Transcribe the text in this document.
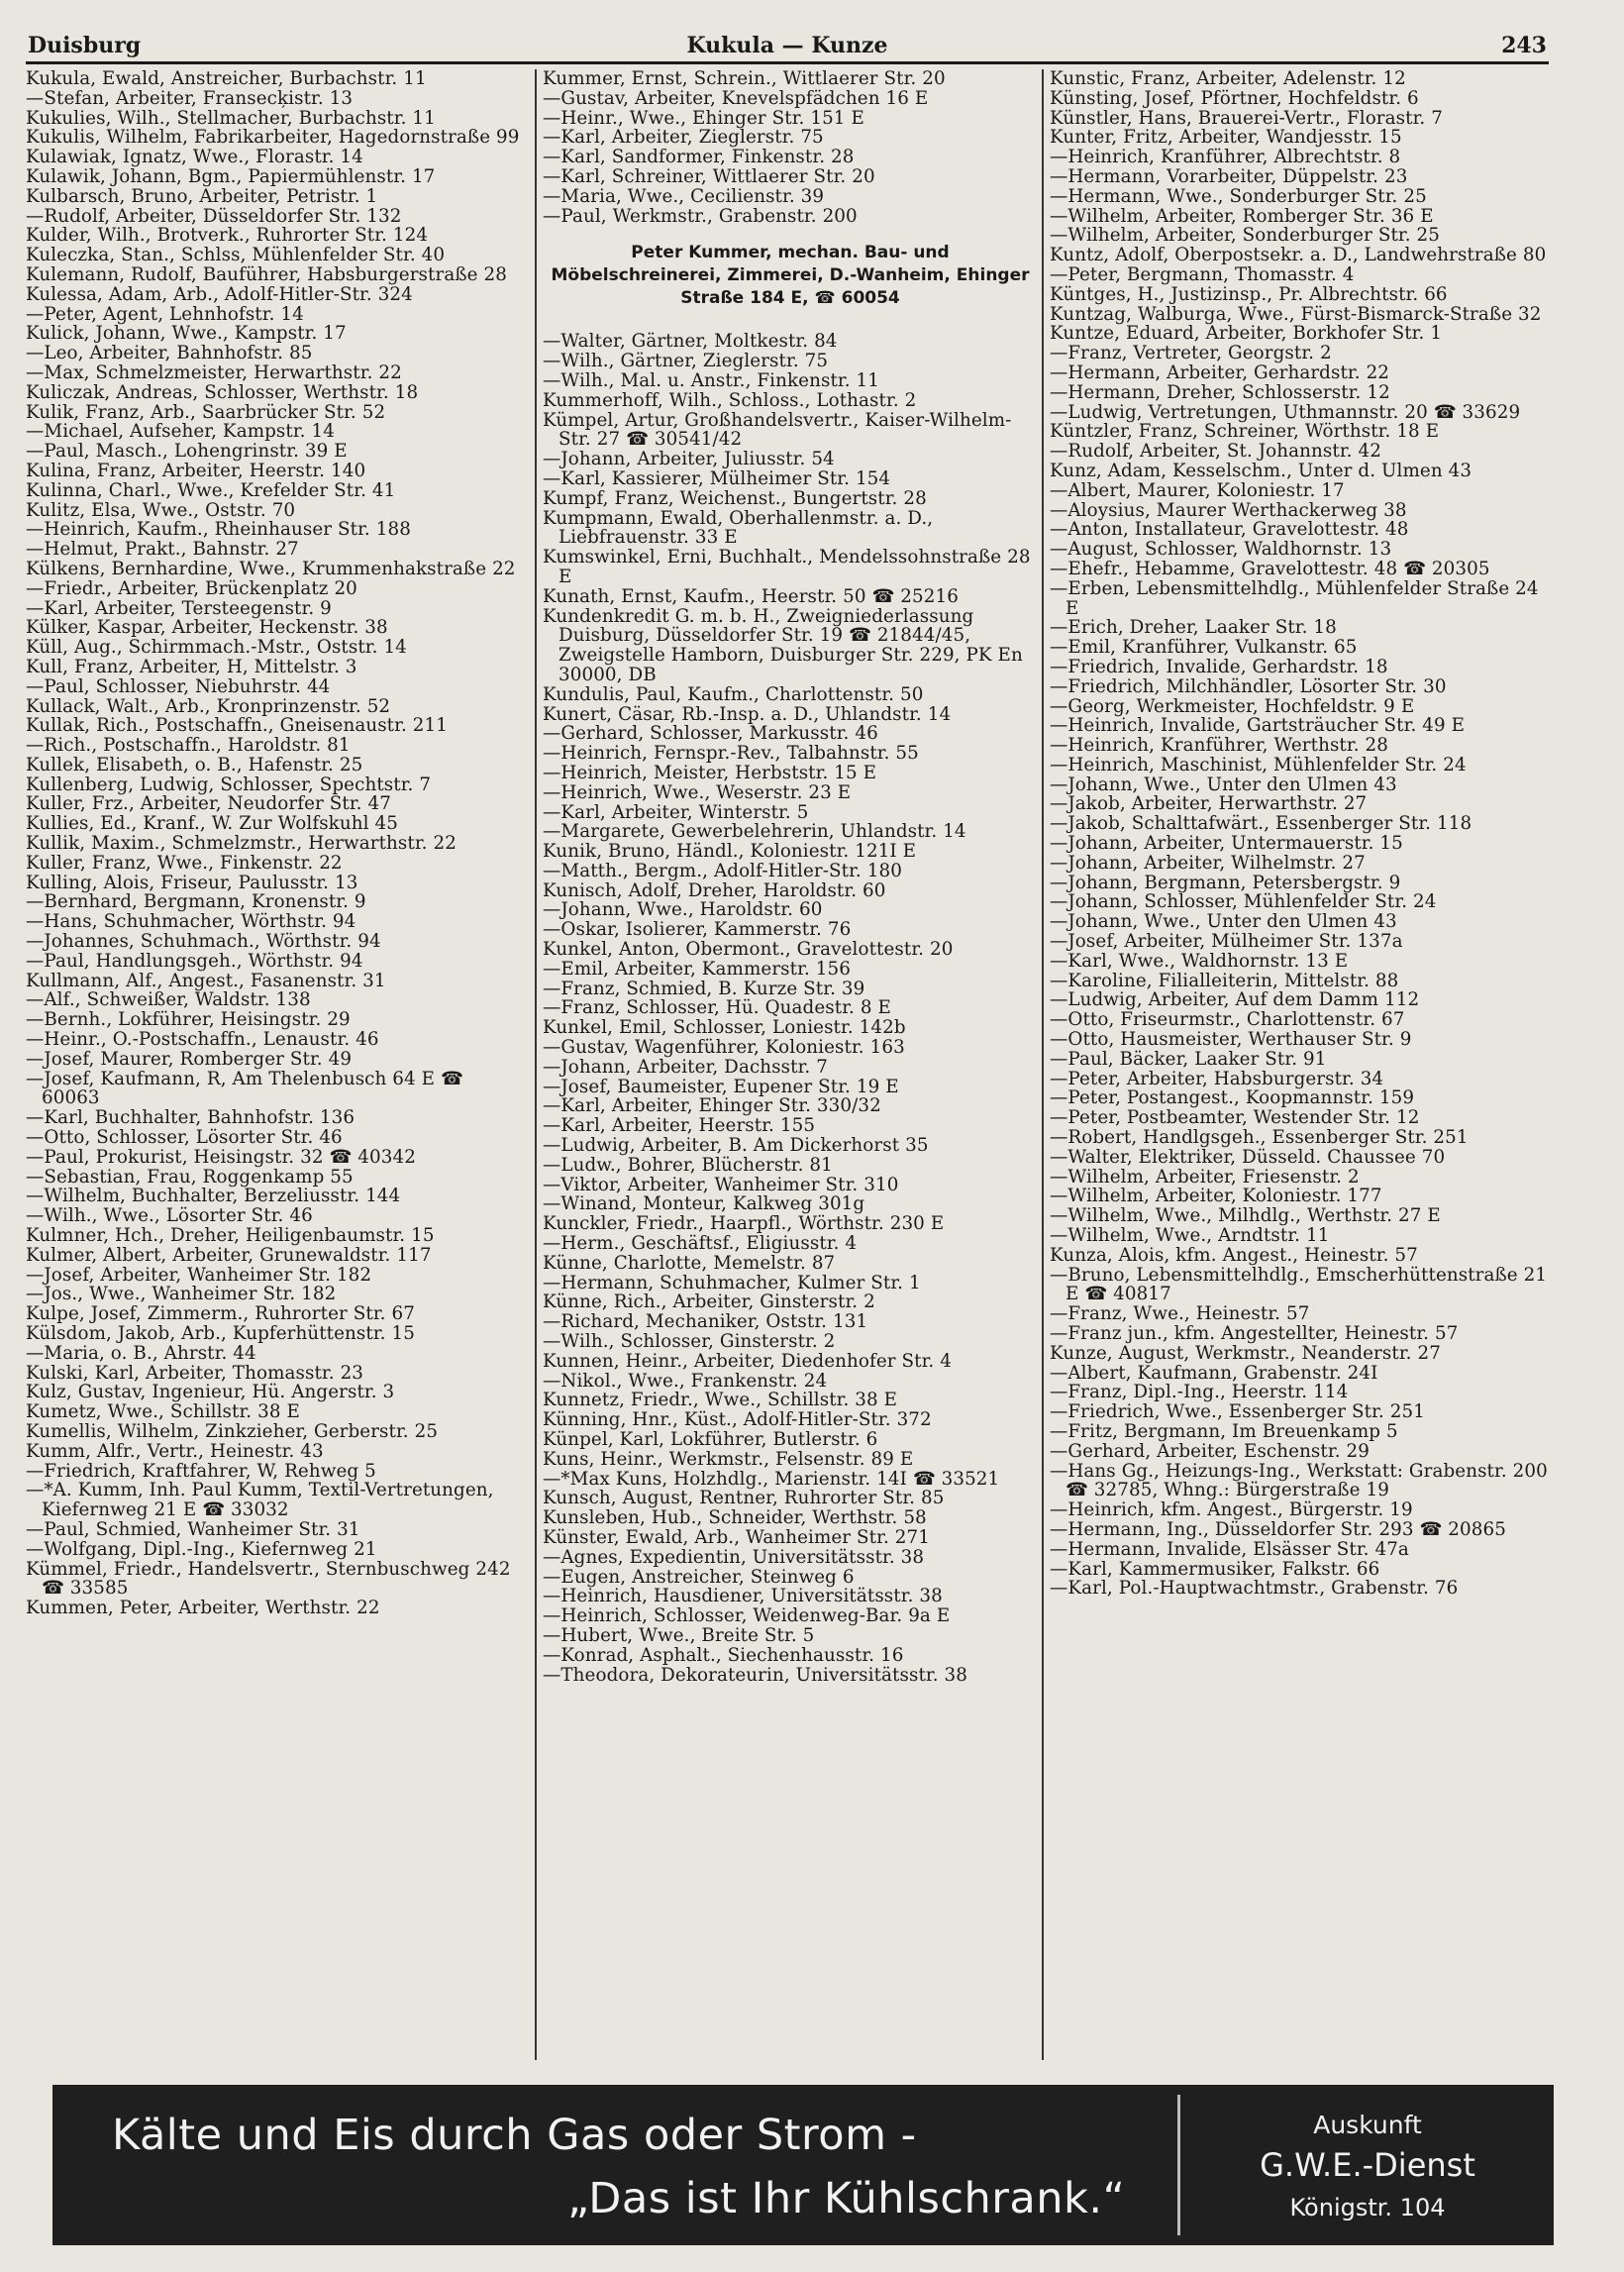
Duisburg	Kukula — Kunze	243
Kukula, Ewald, Anstreicher, Burbachstr. 11
—Stefan, Arbeiter, Fransecķistr. 13
Kukulies, Wilh., Stellmacher, Burbachstr. 11
Kukulis, Wilhelm, Fabrikarbeiter, Hagedornstraße 99
Kulawiak, Ignatz, Wwe., Florastr. 14
Kulawik, Johann, Bgm., Papiermühlenstr. 17
Kulbarsch, Bruno, Arbeiter, Petristr. 1
—Rudolf, Arbeiter, Düsseldorfer Str. 132
Kulder, Wilh., Brotverk., Ruhrorter Str. 124
Kuleczka, Stan., Schlss, Mühlenfelder Str. 40
Kulemann, Rudolf, Bauführer, Habsburgerstraße 28
Kulessa, Adam, Arb., Adolf-Hitler-Str. 324
—Peter, Agent, Lehnhofstr. 14
Kulick, Johann, Wwe., Kampstr. 17
—Leo, Arbeiter, Bahnhofstr. 85
—Max, Schmelzmeister, Herwarthstr. 22
Kuliczak, Andreas, Schlosser, Werthstr. 18
Kulik, Franz, Arb., Saarbrücker Str. 52
—Michael, Aufseher, Kampstr. 14
—Paul, Masch., Lohengrinstr. 39 E
Kulina, Franz, Arbeiter, Heerstr. 140
Kulinna, Charl., Wwe., Krefelder Str. 41
Kulitz, Elsa, Wwe., Oststr. 70
—Heinrich, Kaufm., Rheinhauser Str. 188
—Helmut, Prakt., Bahnstr. 27
Külkens, Bernhardine, Wwe., Krummenhakstraße 22
—Friedr., Arbeiter, Brückenplatz 20
—Karl, Arbeiter, Tersteegenstr. 9
Külker, Kaspar, Arbeiter, Heckenstr. 38
Küll, Aug., Schirmmach.-Mstr., Oststr. 14
Kull, Franz, Arbeiter, H, Mittelstr. 3
—Paul, Schlosser, Niebuhrstr. 44
Kullack, Walt., Arb., Kronprinzenstr. 52
Kullak, Rich., Postschaffn., Gneisenaustr. 211
—Rich., Postschaffn., Haroldstr. 81
Kullek, Elisabeth, o. B., Hafenstr. 25
Kullenberg, Ludwig, Schlosser, Spechtstr. 7
Kuller, Frz., Arbeiter, Neudorfer Str. 47
Kullies, Ed., Kranf., W. Zur Wolfskuhl 45
Kullik, Maxim., Schmelzmstr., Herwarthstr. 22
Kuller, Franz, Wwe., Finkenstr. 22
Kulling, Alois, Friseur, Paulusstr. 13
—Bernhard, Bergmann, Kronenstr. 9
—Hans, Schuhmacher, Wörthstr. 94
—Johannes, Schuhmach., Wörthstr. 94
—Paul, Handlungsgeh., Wörthstr. 94
Kullmann, Alf., Angest., Fasanenstr. 31
—Alf., Schweißer, Waldstr. 138
—Bernh., Lokführer, Heisingstr. 29
—Heinr., O.-Postschaffn., Lenaustr. 46
—Josef, Maurer, Romberger Str. 49
—Josef, Kaufmann, R, Am Thelenbusch 64 E ☎ 60063
—Karl, Buchhalter, Bahnhofstr. 136
—Otto, Schlosser, Lösorter Str. 46
—Paul, Prokurist, Heisingstr. 32 ☎ 40342
—Sebastian, Frau, Roggenkamp 55
—Wilhelm, Buchhalter, Berzeliusstr. 144
—Wilh., Wwe., Lösorter Str. 46
Kulmner, Hch., Dreher, Heiligenbaumstr. 15
Kulmer, Albert, Arbeiter, Grunewaldstr. 117
—Josef, Arbeiter, Wanheimer Str. 182
—Jos., Wwe., Wanheimer Str. 182
Kulpe, Josef, Zimmerm., Ruhrorter Str. 67
Külsdom, Jakob, Arb., Kupferhüttenstr. 15
—Maria, o. B., Ahrstr. 44
Kulski, Karl, Arbeiter, Thomasstr. 23
Kulz, Gustav, Ingenieur, Hü. Angerstr. 3
Kumetz, Wwe., Schillstr. 38 E
Kumellis, Wilhelm, Zinkzieher, Gerberstr. 25
Kumm, Alfr., Vertr., Heinestr. 43
—Friedrich, Kraftfahrer, W, Rehweg 5
—*A. Kumm, Inh. Paul Kumm, Textil-Vertretungen, Kiefernweg 21 E ☎ 33032
—Paul, Schmied, Wanheimer Str. 31
—Wolfgang, Dipl.-Ing., Kiefernweg 21
Kümmel, Friedr., Handelsvertr., Sternbuschweg 242 ☎ 33585
Kummen, Peter, Arbeiter, Werthstr. 22
Kummer, Ernst, Schrein., Wittlaerer Str. 20
—Gustav, Arbeiter, Knevelspfädchen 16 E
—Heinr., Wwe., Ehinger Str. 151 E
—Karl, Arbeiter, Zieglerstr. 75
—Karl, Sandformer, Finkenstr. 28
—Karl, Schreiner, Wittlaerer Str. 20
—Maria, Wwe., Cecilienstr. 39
—Paul, Werkmstr., Grabenstr. 200
Peter Kummer, mechan. Bau- und Möbelschreinerei, Zimmerei, D.-Wanheim, Ehinger Straße 184 E, ☎ 60054
—Walter, Gärtner, Moltkestr. 84
—Wilh., Gärtner, Zieglerstr. 75
—Wilh., Mal. u. Anstr., Finkenstr. 11
Kummerhoff, Wilh., Schloss., Lothastr. 2
Kümpel, Artur, Großhandelsvertr., Kaiser-Wilhelm-Str. 27 ☎ 30541/42
—Johann, Arbeiter, Juliusstr. 54
—Karl, Kassierer, Mülheimer Str. 154
Kumpf, Franz, Weichenst., Bungertstr. 28
Kumpmann, Ewald, Oberhallenmstr. a. D., Liebfrauenstr. 33 E
Kumswinkel, Erni, Buchhalt., Mendelssohnstraße 28 E
Kunath, Ernst, Kaufm., Heerstr. 50 ☎ 25216
Kundenkredit G. m. b. H., Zweigniederlassung Duisburg, Düsseldorfer Str. 19 ☎ 21844/45, Zweigstelle Hamborn, Duisburger Str. 229, PK En 30000, DB
Kundulis, Paul, Kaufm., Charlottenstr. 50
Kunert, Cäsar, Rb.-Insp. a. D., Uhlandstr. 14
—Gerhard, Schlosser, Markusstr. 46
—Heinrich, Fernspr.-Rev., Talbahnstr. 55
—Heinrich, Meister, Herbststr. 15 E
—Heinrich, Wwe., Weserstr. 23 E
—Karl, Arbeiter, Winterstr. 5
—Margarete, Gewerbelehrerin, Uhlandstr. 14
Kunik, Bruno, Händl., Koloniestr. 121I E
—Matth., Bergm., Adolf-Hitler-Str. 180
Kunisch, Adolf, Dreher, Haroldstr. 60
—Johann, Wwe., Haroldstr. 60
—Oskar, Isolierer, Kammerstr. 76
Kunkel, Anton, Obermont., Gravelottestr. 20
—Emil, Arbeiter, Kammerstr. 156
—Franz, Schmied, B. Kurze Str. 39
—Franz, Schlosser, Hü. Quadestr. 8 E
Kunkel, Emil, Schlosser, Loniestr. 142b
—Gustav, Wagenführer, Koloniestr. 163
—Johann, Arbeiter, Dachsstr. 7
—Josef, Baumeister, Eupener Str. 19 E
—Karl, Arbeiter, Ehinger Str. 330/32
—Karl, Arbeiter, Heerstr. 155
—Ludwig, Arbeiter, B. Am Dickerhorst 35
—Ludw., Bohrer, Blücherstr. 81
—Viktor, Arbeiter, Wanheimer Str. 310
—Winand, Monteur, Kalkweg 301g
Kunckler, Friedr., Haarpfl., Wörthstr. 230 E
—Herm., Geschäftsf., Eligiusstr. 4
Künne, Charlotte, Memelstr. 87
—Hermann, Schuhmacher, Kulmer Str. 1
Künne, Rich., Arbeiter, Ginsterstr. 2
—Richard, Mechaniker, Oststr. 131
—Wilh., Schlosser, Ginsterstr. 2
Kunnen, Heinr., Arbeiter, Diedenhofer Str. 4
—Nikol., Wwe., Frankenstr. 24
Kunnetz, Friedr., Wwe., Schillstr. 38 E
Künning, Hnr., Küst., Adolf-Hitler-Str. 372
Künpel, Karl, Lokführer, Butlerstr. 6
Kuns, Heinr., Werkmstr., Felsenstr. 89 E
—*Max Kuns, Holzhdlg., Marienstr. 14I ☎ 33521
Kunsch, August, Rentner, Ruhrorter Str. 85
Kunsleben, Hub., Schneider, Werthstr. 58
Künster, Ewald, Arb., Wanheimer Str. 271
—Agnes, Expedientin, Universitätsstr. 38
—Eugen, Anstreicher, Steinweg 6
—Heinrich, Hausdiener, Universitätsstr. 38
—Heinrich, Schlosser, Weidenweg-Bar. 9a E
—Hubert, Wwe., Breite Str. 5
—Konrad, Asphalt., Siechenhausstr. 16
—Theodora, Dekorateurin, Universitätsstr. 38
Kunstic, Franz, Arbeiter, Adelenstr. 12
Künsting, Josef, Pförtner, Hochfeldstr. 6
Künstler, Hans, Brauerei-Vertr., Florastr. 7
Kunter, Fritz, Arbeiter, Wandjesstr. 15
—Heinrich, Kranführer, Albrechtstr. 8
—Hermann, Vorarbeiter, Düppelstr. 23
—Hermann, Wwe., Sonderburger Str. 25
—Wilhelm, Arbeiter, Romberger Str. 36 E
—Wilhelm, Arbeiter, Sonderburger Str. 25
Kuntz, Adolf, Oberpostsekr. a. D., Landwehrstraße 80
—Peter, Bergmann, Thomasstr. 4
Küntges, H., Justizinsp., Pr. Albrechtstr. 66
Kuntzag, Walburga, Wwe., Fürst-Bismarck-Straße 32
Kuntze, Eduard, Arbeiter, Borkhofer Str. 1
—Franz, Vertreter, Georgstr. 2
—Hermann, Arbeiter, Gerhardstr. 22
—Hermann, Dreher, Schlosserstr. 12
—Ludwig, Vertretungen, Uthmannstr. 20 ☎ 33629
Küntzler, Franz, Schreiner, Wörthstr. 18 E
—Rudolf, Arbeiter, St. Johannstr. 42
Kunz, Adam, Kesselschm., Unter d. Ulmen 43
—Albert, Maurer, Koloniestr. 17
—Aloysius, Maurer Werthackerweg 38
—Anton, Installateur, Gravelottestr. 48
—August, Schlosser, Waldhornstr. 13
—Ehefr., Hebamme, Gravelottestr. 48 ☎ 20305
—Erben, Lebensmittelhdlg., Mühlenfelder Straße 24 E
—Erich, Dreher, Laaker Str. 18
—Emil, Kranführer, Vulkanstr. 65
—Friedrich, Invalide, Gerhardstr. 18
—Friedrich, Milchhändler, Lösorter Str. 30
—Georg, Werkmeister, Hochfeldstr. 9 E
—Heinrich, Invalide, Gartsträucher Str. 49 E
—Heinrich, Kranführer, Werthstr. 28
—Heinrich, Maschinist, Mühlenfelder Str. 24
—Johann, Wwe., Unter den Ulmen 43
—Jakob, Arbeiter, Herwarthstr. 27
—Jakob, Schalttafwärt., Essenberger Str. 118
—Johann, Arbeiter, Untermauerstr. 15
—Johann, Arbeiter, Wilhelmstr. 27
—Johann, Bergmann, Petersbergstr. 9
—Johann, Schlosser, Mühlenfelder Str. 24
—Johann, Wwe., Unter den Ulmen 43
—Josef, Arbeiter, Mülheimer Str. 137a
—Karl, Wwe., Waldhornstr. 13 E
—Karoline, Filialleiterin, Mittelstr. 88
—Ludwig, Arbeiter, Auf dem Damm 112
—Otto, Friseurmstr., Charlottenstr. 67
—Otto, Hausmeister, Werthauser Str. 9
—Paul, Bäcker, Laaker Str. 91
—Peter, Arbeiter, Habsburgerstr. 34
—Peter, Postangest., Koopmannstr. 159
—Peter, Postbeamter, Westender Str. 12
—Robert, Handlgsgeh., Essenberger Str. 251
—Walter, Elektriker, Düsseld. Chaussee 70
—Wilhelm, Arbeiter, Friesenstr. 2
—Wilhelm, Arbeiter, Koloniestr. 177
—Wilhelm, Wwe., Milhdlg., Werthstr. 27 E
—Wilhelm, Wwe., Arndtstr. 11
Kunza, Alois, kfm. Angest., Heinestr. 57
—Bruno, Lebensmittelhdlg., Emscherhüttenstraße 21 E ☎ 40817
—Franz, Wwe., Heinestr. 57
—Franz jun., kfm. Angestellter, Heinestr. 57
Kunze, August, Werkmstr., Neanderstr. 27
—Albert, Kaufmann, Grabenstr. 24I
—Franz, Dipl.-Ing., Heerstr. 114
—Friedrich, Wwe., Essenberger Str. 251
—Fritz, Bergmann, Im Breuenkamp 5
—Gerhard, Arbeiter, Eschenstr. 29
—Hans Gg., Heizungs-Ing., Werkstatt: Grabenstr. 200 ☎ 32785, Whng.: Bürgerstraße 19
—Heinrich, kfm. Angest., Bürgerstr. 19
—Hermann, Ing., Düsseldorfer Str. 293 ☎ 20865
—Hermann, Invalide, Elsässer Str. 47a
—Karl, Kammermusiker, Falkstr. 66
—Karl, Pol.-Hauptwachtmstr., Grabenstr. 76
Kälte und Eis durch Gas oder Strom -
„Das ist Ihr Kühlschrank.“
Auskunft
G.W.E.-Dienst
Königstr. 104
